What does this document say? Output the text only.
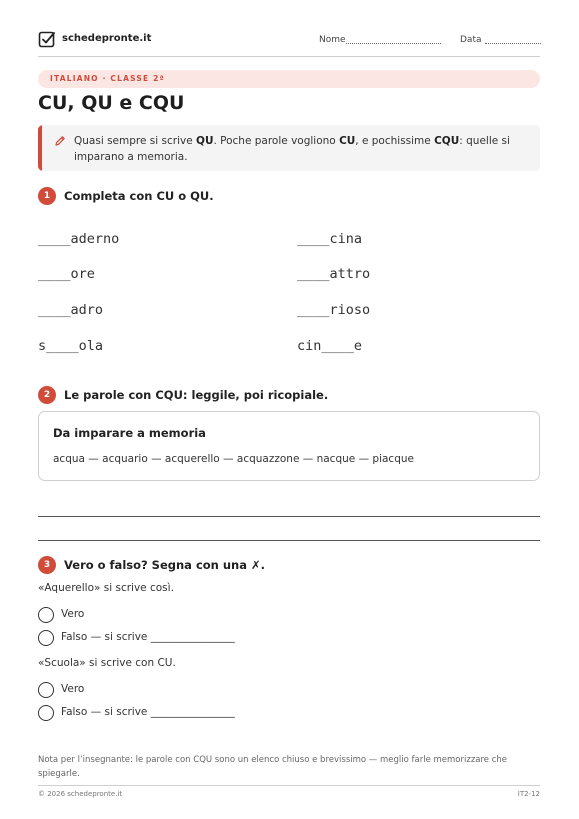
schedepronte.it	Nome	Data
ITALIANO · CLASSE 2ª
CU, QU e CQU
Quasi sempre si scrive QU. Poche parole vogliono CU, e pochissime CQU: quelle si imparano a memoria.
1	Completa con CU o QU.
____aderno	____cina
____ore	____attro
____adro	____rioso
s____ola	cin____e
2	Le parole con CQU: leggile, poi ricopiale.
Da imparare a memoria
acqua — acquario — acquerello — acquazzone — nacque — piacque
3	Vero o falso? Segna con una ✗.
«Aquerello» si scrive così.
Vero
Falso — si scrive ________________
«Scuola» si scrive con CU.
Vero
Falso — si scrive ________________
Nota per l’insegnante: le parole con CQU sono un elenco chiuso e brevissimo — meglio farle memorizzare che spiegarle.
© 2026 schedepronte.it	IT2-12
